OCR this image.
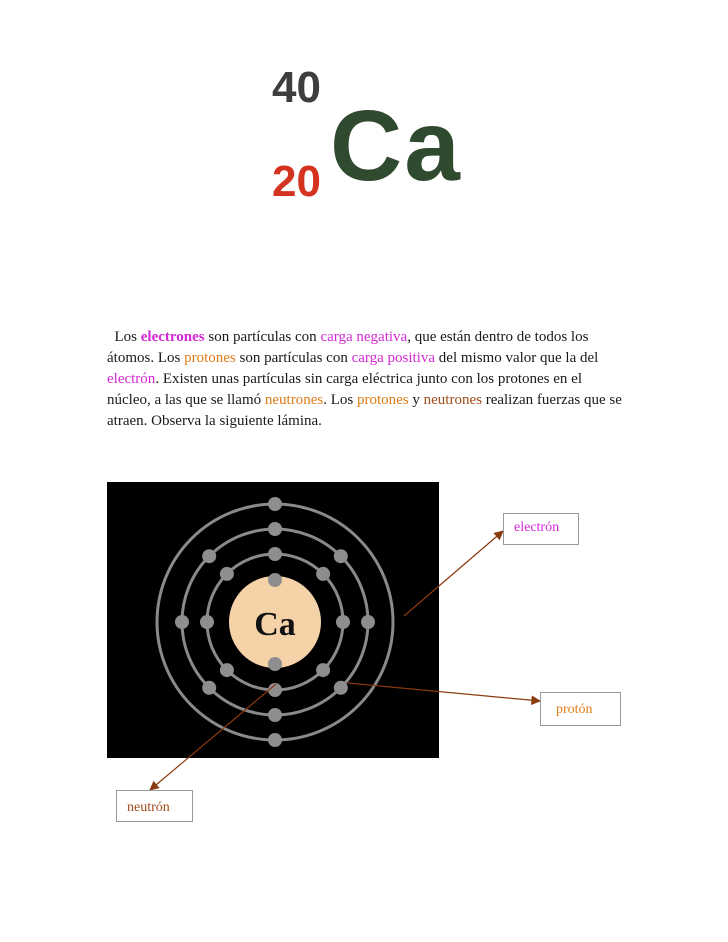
40

20 Ca

Los electrones son partículas con carga negativa, que están dentro de todos los átomos. Los protones son partículas con carga positiva del mismo valor que la del electrón. Existen unas partículas sin carga eléctrica junto con los protones en el núcleo, a las que se llamó neutrones. Los protones y neutrones realizan fuerzas que se atraen. Observa la siguiente lámina.

Ca
electrón
protón
neutrón
